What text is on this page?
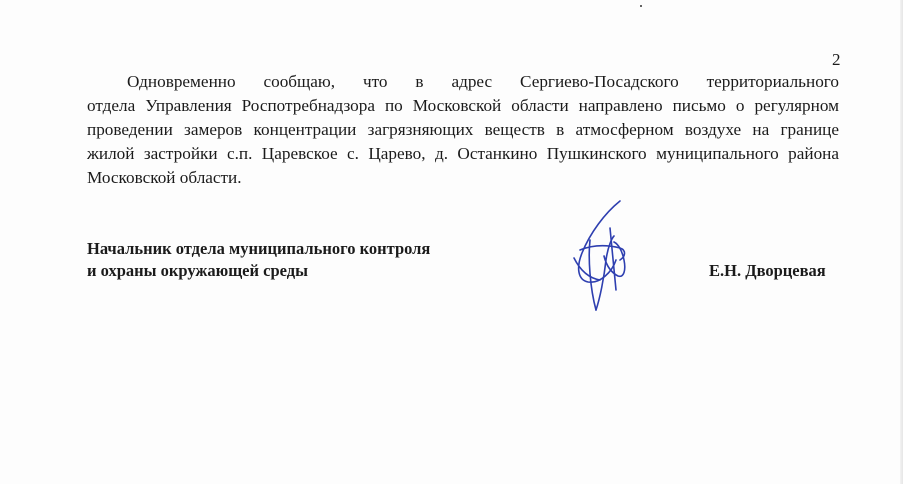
2
Одновременно сообщаю, что в адрес Сергиево-Посадского территориального
отдела Управления Роспотребнадзора по Московской области направлено письмо о регулярном
проведении замеров концентрации загрязняющих веществ в атмосферном воздухе на границе
жилой застройки с.п. Царевское с. Царево, д. Останкино Пушкинского муниципального района
Московской области.
Начальник отдела муниципального контроля
и охраны окружающей среды	Е.Н. Дворцевая
